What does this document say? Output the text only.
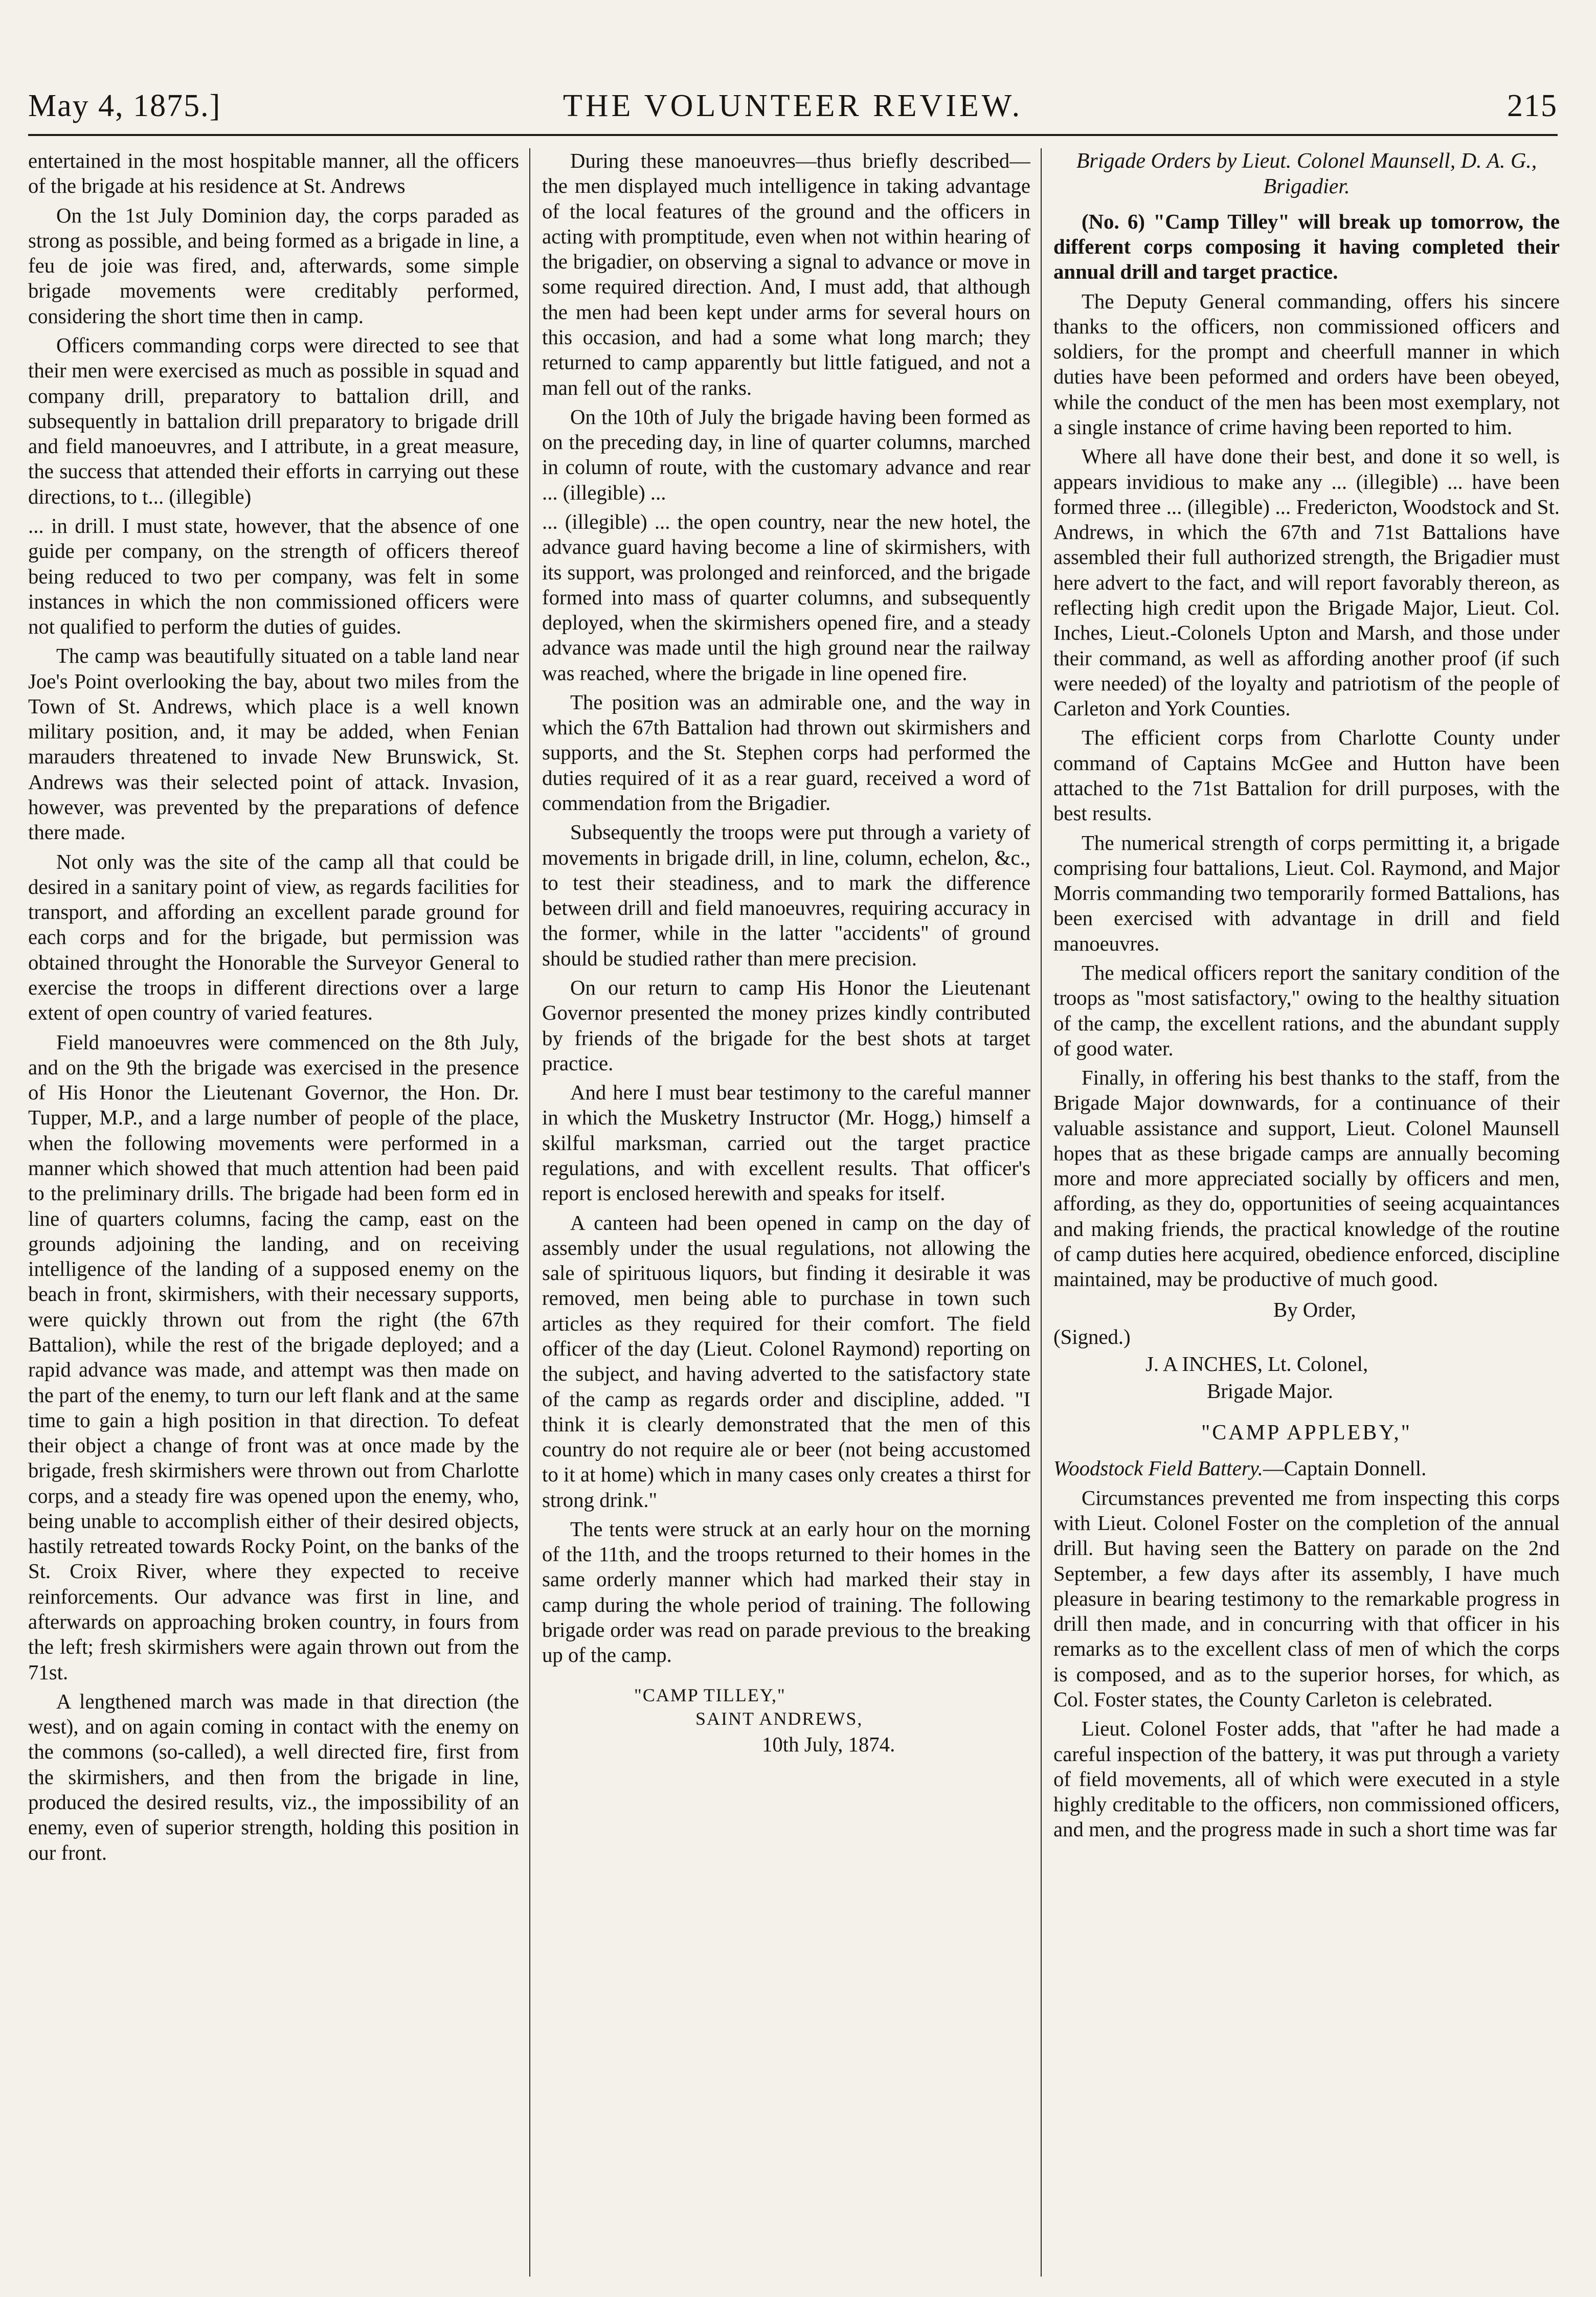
May 4, 1875.]	THE VOLUNTEER REVIEW.	215

entertained in the most hospitable manner, all the officers of the brigade at his residence at St. Andrews

On the 1st July Dominion day, the corps paraded as strong as possible, and being formed as a brigade in line, a feu de joie was fired, and, afterwards, some simple brigade movements were creditably performed, considering the short time then in camp.

Officers commanding corps were directed to see that their men were exercised as much as possible in squad and company drill, preparatory to battalion drill, and subsequently in battalion drill preparatory to brigade drill and field manoeuvres, and I attribute, in a great measure, the success that attended their efforts in carrying out these directions, to t... (illegible)

... in drill. I must state, however, that the absence of one guide per company, on the strength of officers thereof being reduced to two per company, was felt in some instances in which the non commissioned officers were not qualified to perform the duties of guides.

The camp was beautifully situated on a table land near Joe's Point overlooking the bay, about two miles from the Town of St. Andrews, which place is a well known military position, and, it may be added, when Fenian marauders threatened to invade New Brunswick, St. Andrews was their selected point of attack. Invasion, however, was prevented by the preparations of defence there made.

Not only was the site of the camp all that could be desired in a sanitary point of view, as regards facilities for transport, and affording an excellent parade ground for each corps and for the brigade, but permission was obtained throught the Honorable the Surveyor General to exercise the troops in different directions over a large extent of open country of varied features.

Field manoeuvres were commenced on the 8th July, and on the 9th the brigade was exercised in the presence of His Honor the Lieutenant Governor, the Hon. Dr. Tupper, M.P., and a large number of people of the place, when the following movements were performed in a manner which showed that much attention had been paid to the preliminary drills. The brigade had been form ed in line of quarters columns, facing the camp, east on the grounds adjoining the landing, and on receiving intelligence of the landing of a supposed enemy on the beach in front, skirmishers, with their necessary supports, were quickly thrown out from the right (the 67th Battalion), while the rest of the brigade deployed; and a rapid advance was made, and attempt was then made on the part of the enemy, to turn our left flank and at the same time to gain a high position in that direction. To defeat their object a change of front was at once made by the brigade, fresh skirmishers were thrown out from Charlotte corps, and a steady fire was opened upon the enemy, who, being unable to accomplish either of their desired objects, hastily retreated towards Rocky Point, on the banks of the St. Croix River, where they expected to receive reinforcements. Our advance was first in line, and afterwards on approaching broken country, in fours from the left; fresh skirmishers were again thrown out from the 71st.

A lengthened march was made in that direction (the west), and on again coming in contact with the enemy on the commons (so-called), a well directed fire, first from the skirmishers, and then from the brigade in line, produced the desired results, viz., the impossibility of an enemy, even of superior strength, holding this position in our front.

During these manoeuvres—thus briefly described—the men displayed much intelligence in taking advantage of the local features of the ground and the officers in acting with promptitude, even when not within hearing of the brigadier, on observing a signal to advance or move in some required direction. And, I must add, that although the men had been kept under arms for several hours on this occasion, and had a some what long march; they returned to camp apparently but little fatigued, and not a man fell out of the ranks.

On the 10th of July the brigade having been formed as on the preceding day, in line of quarter columns, marched in column of route, with the customary advance and rear ... (illegible) ...

... (illegible) ... the open country, near the new hotel, the advance guard having become a line of skirmishers, with its support, was prolonged and reinforced, and the brigade formed into mass of quarter columns, and subsequently deployed, when the skirmishers opened fire, and a steady advance was made until the high ground near the railway was reached, where the brigade in line opened fire.

The position was an admirable one, and the way in which the 67th Battalion had thrown out skirmishers and supports, and the St. Stephen corps had performed the duties required of it as a rear guard, received a word of commendation from the Brigadier.

Subsequently the troops were put through a variety of movements in brigade drill, in line, column, echelon, &c., to test their steadiness, and to mark the difference between drill and field manoeuvres, requiring accuracy in the former, while in the latter "accidents" of ground should be studied rather than mere precision.

On our return to camp His Honor the Lieutenant Governor presented the money prizes kindly contributed by friends of the brigade for the best shots at target practice.

And here I must bear testimony to the careful manner in which the Musketry Instructor (Mr. Hogg,) himself a skilful marksman, carried out the target practice regulations, and with excellent results. That officer's report is enclosed herewith and speaks for itself.

A canteen had been opened in camp on the day of assembly under the usual regulations, not allowing the sale of spirituous liquors, but finding it desirable it was removed, men being able to purchase in town such articles as they required for their comfort. The field officer of the day (Lieut. Colonel Raymond) reporting on the subject, and having adverted to the satisfactory state of the camp as regards order and discipline, added. "I think it is clearly demonstrated that the men of this country do not require ale or beer (not being accustomed to it at home) which in many cases only creates a thirst for strong drink."

The tents were struck at an early hour on the morning of the 11th, and the troops returned to their homes in the same orderly manner which had marked their stay in camp during the whole period of training. The following brigade order was read on parade previous to the breaking up of the camp.

"CAMP TILLEY,"
SAINT ANDREWS,
10th July, 1874.

Brigade Orders by Lieut. Colonel Maunsell, D. A. G., Brigadier.

(No. 6) "Camp Tilley" will break up tomorrow, the different corps composing it having completed their annual drill and target practice.

The Deputy General commanding, offers his sincere thanks to the officers, non commissioned officers and soldiers, for the prompt and cheerfull manner in which duties have been peformed and orders have been obeyed, while the conduct of the men has been most exemplary, not a single instance of crime having been reported to him.

Where all have done their best, and done it so well, is appears invidious to make any ... (illegible) ... have been formed three ... (illegible) ... Fredericton, Woodstock and St. Andrews, in which the 67th and 71st Battalions have assembled their full authorized strength, the Brigadier must here advert to the fact, and will report favorably thereon, as reflecting high credit upon the Brigade Major, Lieut. Col. Inches, Lieut.-Colonels Upton and Marsh, and those under their command, as well as affording another proof (if such were needed) of the loyalty and patriotism of the people of Carleton and York Counties.

The efficient corps from Charlotte County under command of Captains McGee and Hutton have been attached to the 71st Battalion for drill purposes, with the best results.

The numerical strength of corps permitting it, a brigade comprising four battalions, Lieut. Col. Raymond, and Major Morris commanding two temporarily formed Battalions, has been exercised with advantage in drill and field manoeuvres.

The medical officers report the sanitary condition of the troops as "most satisfactory," owing to the healthy situation of the camp, the excellent rations, and the abundant supply of good water.

Finally, in offering his best thanks to the staff, from the Brigade Major downwards, for a continuance of their valuable assistance and support, Lieut. Colonel Maunsell hopes that as these brigade camps are annually becoming more and more appreciated socially by officers and men, affording, as they do, opportunities of seeing acquaintances and making friends, the practical knowledge of the routine of camp duties here acquired, obedience enforced, discipline maintained, may be productive of much good.

By Order,
(Signed.)
J. A INCHES, Lt. Colonel,
Brigade Major.

"CAMP APPLEBY,"

Woodstock Field Battery.—Captain Donnell.

Circumstances prevented me from inspecting this corps with Lieut. Colonel Foster on the completion of the annual drill. But having seen the Battery on parade on the 2nd September, a few days after its assembly, I have much pleasure in bearing testimony to the remarkable progress in drill then made, and in concurring with that officer in his remarks as to the excellent class of men of which the corps is composed, and as to the superior horses, for which, as Col. Foster states, the County Carleton is celebrated.

Lieut. Colonel Foster adds, that "after he had made a careful inspection of the battery, it was put through a variety of field movements, all of which were executed in a style highly creditable to the officers, non commissioned officers, and men, and the progress made in such a short time was far
